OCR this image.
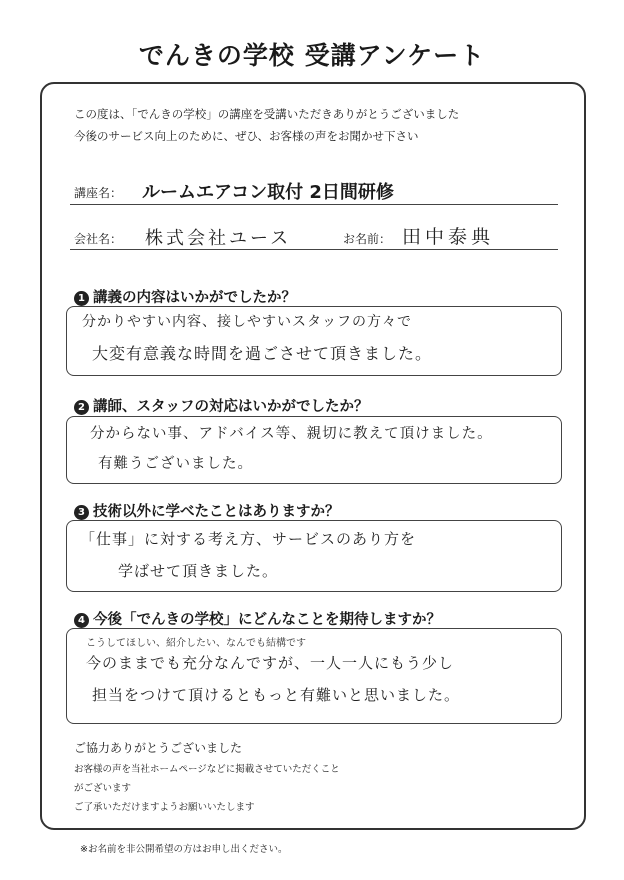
でんきの学校 受講アンケート
この度は、「でんきの学校」の講座を受講いただきありがとうございました
今後のサービス向上のために、ぜひ、お客様の声をお聞かせ下さい
講座名： ルームエアコン取付 2日間研修
会社名： 株式会社ユース	お名前： 田中泰典
1 講義の内容はいかがでしたか？
分かりやすい内容、接しやすいスタッフの方々で
大変有意義な時間を過ごさせて頂きました。
2 講師、スタッフの対応はいかがでしたか？
分からない事、アドバイス等、親切に教えて頂けました。
有難うございました。
3 技術以外に学べたことはありますか？
「仕事」に対する考え方、サービスのあり方を
学ばせて頂きました。
4 今後「でんきの学校」にどんなことを期待しますか？
こうしてほしい、紹介したい、なんでも結構です
今のままでも充分なんですが、一人一人にもう少し
担当をつけて頂けるともっと有難いと思いました。
ご協力ありがとうございました
お客様の声を当社ホームページなどに掲載させていただくこと
がございます
ご了承いただけますようお願いいたします
※お名前を非公開希望の方はお申し出ください。
